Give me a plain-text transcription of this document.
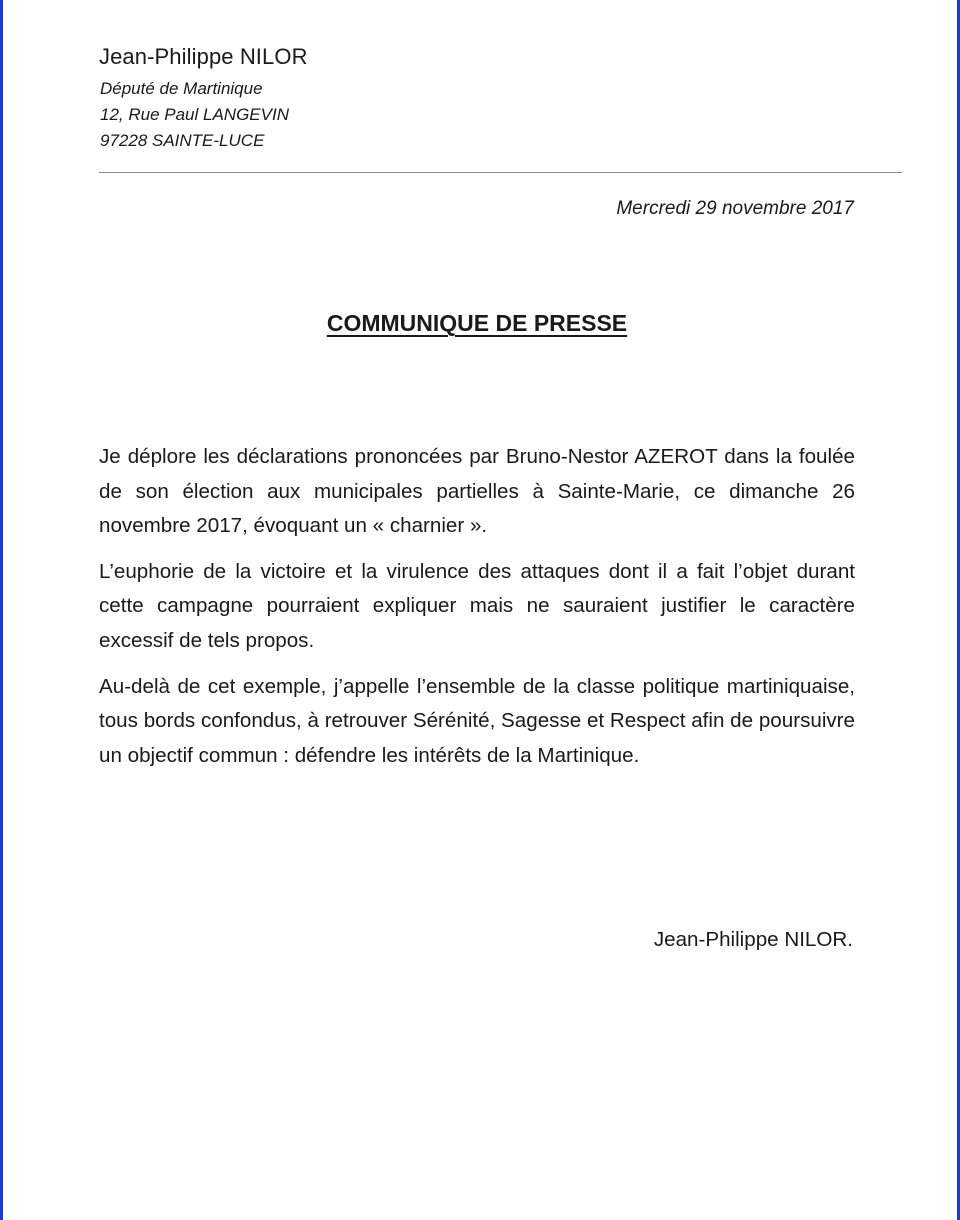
Jean-Philippe NILOR

Député de Martinique

12, Rue Paul LANGEVIN

97228 SAINTE-LUCE

Mercredi 29 novembre 2017

COMMUNIQUE DE PRESSE

Je déplore les déclarations prononcées par Bruno-Nestor AZEROT dans la foulée de son élection aux municipales partielles à Sainte-Marie, ce dimanche 26 novembre 2017, évoquant un « charnier ».

L’euphorie de la victoire et la virulence des attaques dont il a fait l’objet durant cette campagne pourraient expliquer mais ne sauraient justifier le caractère excessif de tels propos.

Au-delà de cet exemple, j’appelle l’ensemble de la classe politique martiniquaise, tous bords confondus, à retrouver Sérénité, Sagesse et Respect afin de poursuivre un objectif commun : défendre les intérêts de la Martinique.

Jean-Philippe NILOR.
